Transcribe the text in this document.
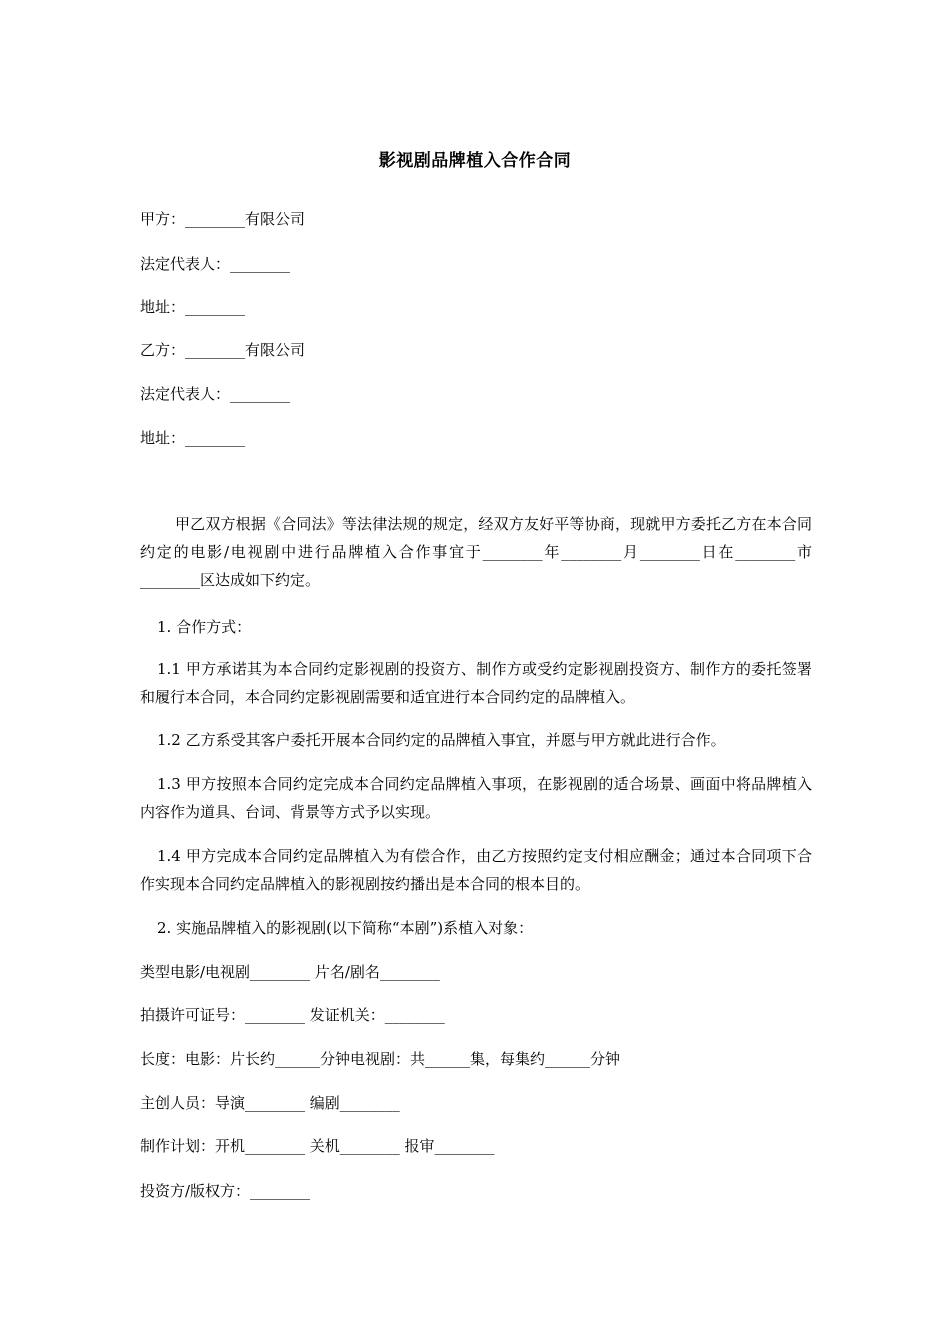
影视剧品牌植入合作合同
甲方：________有限公司
法定代表人：________
地址：________
乙方：________有限公司
法定代表人：________
地址：________
甲乙双方根据《合同法》等法律法规的规定，经双方友好平等协商，现就甲方委托乙方在本合同约定的电影/电视剧中进行品牌植入合作事宜于________年________月________日在________市________区达成如下约定。
1. 合作方式：
1.1 甲方承诺其为本合同约定影视剧的投资方、制作方或受约定影视剧投资方、制作方的委托签署和履行本合同，本合同约定影视剧需要和适宜进行本合同约定的品牌植入。
1.2 乙方系受其客户委托开展本合同约定的品牌植入事宜，并愿与甲方就此进行合作。
1.3 甲方按照本合同约定完成本合同约定品牌植入事项，在影视剧的适合场景、画面中将品牌植入内容作为道具、台词、背景等方式予以实现。
1.4 甲方完成本合同约定品牌植入为有偿合作，由乙方按照约定支付相应酬金；通过本合同项下合作实现本合同约定品牌植入的影视剧按约播出是本合同的根本目的。
2. 实施品牌植入的影视剧(以下简称“本剧”)系植入对象：
类型电影/电视剧________ 片名/剧名________
拍摄许可证号：________ 发证机关：________
长度：电影：片长约______分钟电视剧：共______集，每集约______分钟
主创人员：导演________ 编剧________
制作计划：开机________ 关机________ 报审________
投资方/版权方：________
